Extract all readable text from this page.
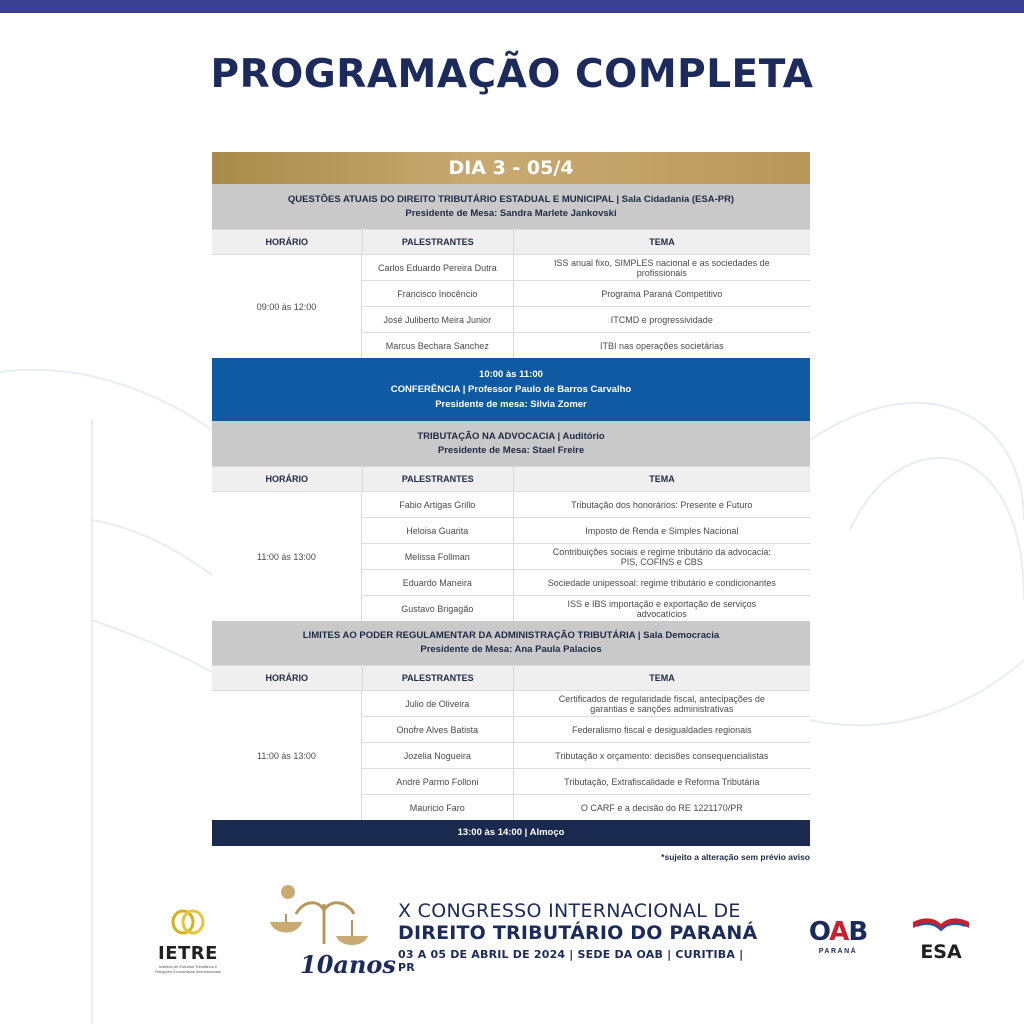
PROGRAMAÇÃO COMPLETA
DIA 3 - 05/4
QUESTÕES ATUAIS DO DIREITO TRIBUTÁRIO ESTADUAL E MUNICIPAL | Sala Cidadania (ESA-PR)
Presidente de Mesa: Sandra Marlete Jankovski
HORÁRIO	PALESTRANTES	TEMA
09:00 às 12:00
Carlos Eduardo Pereira Dutra	ISS anual fixo, SIMPLES nacional e as sociedades de profissionais
Francisco Inocêncio	Programa Paraná Competitivo
José Juliberto Meira Junior	ITCMD e progressividade
Marcus Bechara Sanchez	ITBI nas operações societárias
10:00 às 11:00
CONFERÊNCIA | Professor Paulo de Barros Carvalho
Presidente de mesa: Silvia Zomer
TRIBUTAÇÃO NA ADVOCACIA | Auditório
Presidente de Mesa: Stael Freire
HORÁRIO	PALESTRANTES	TEMA
11:00 às 13:00
Fabio Artigas Grillo	Tributação dos honorários: Presente e Futuro
Heloisa Guarita	Imposto de Renda e Simples Nacional
Melissa Follman	Contribuições sociais e regime tributário da advocacia: PIS, COFINS e CBS
Eduardo Maneira	Sociedade unipessoal: regime tributário e condicionantes
Gustavo Brigagão	ISS e IBS importação e exportação de serviços advocatícios
LIMITES AO PODER REGULAMENTAR DA ADMINISTRAÇÃO TRIBUTÁRIA | Sala Democracia
Presidente de Mesa: Ana Paula Palacios
HORÁRIO	PALESTRANTES	TEMA
11:00 às 13:00
Julio de Oliveira	Certificados de regularidade fiscal, antecipações de garantias e sanções administrativas
Onofre Alves Batista	Federalismo fiscal e desigualdades regionais
Jozelia Nogueira	Tributação x orçamento: decisões consequencialistas
André Parmo Folloni	Tributação, Extrafiscalidade e Reforma Tributária
Mauricio Faro	O CARF e a decisão do RE 1221170/PR
13:00 às 14:00 | Almoço
*sujeito a alteração sem prévio aviso
IETRE
Instituto de Estudos Tributários e Relações Econômicas Internacionais	10anos
X CONGRESSO INTERNACIONAL DE
DIREITO TRIBUTÁRIO DO PARANÁ
03 A 05 DE ABRIL DE 2024 | SEDE DA OAB | CURITIBA | PR
OAB
PARANÁ	ESA
